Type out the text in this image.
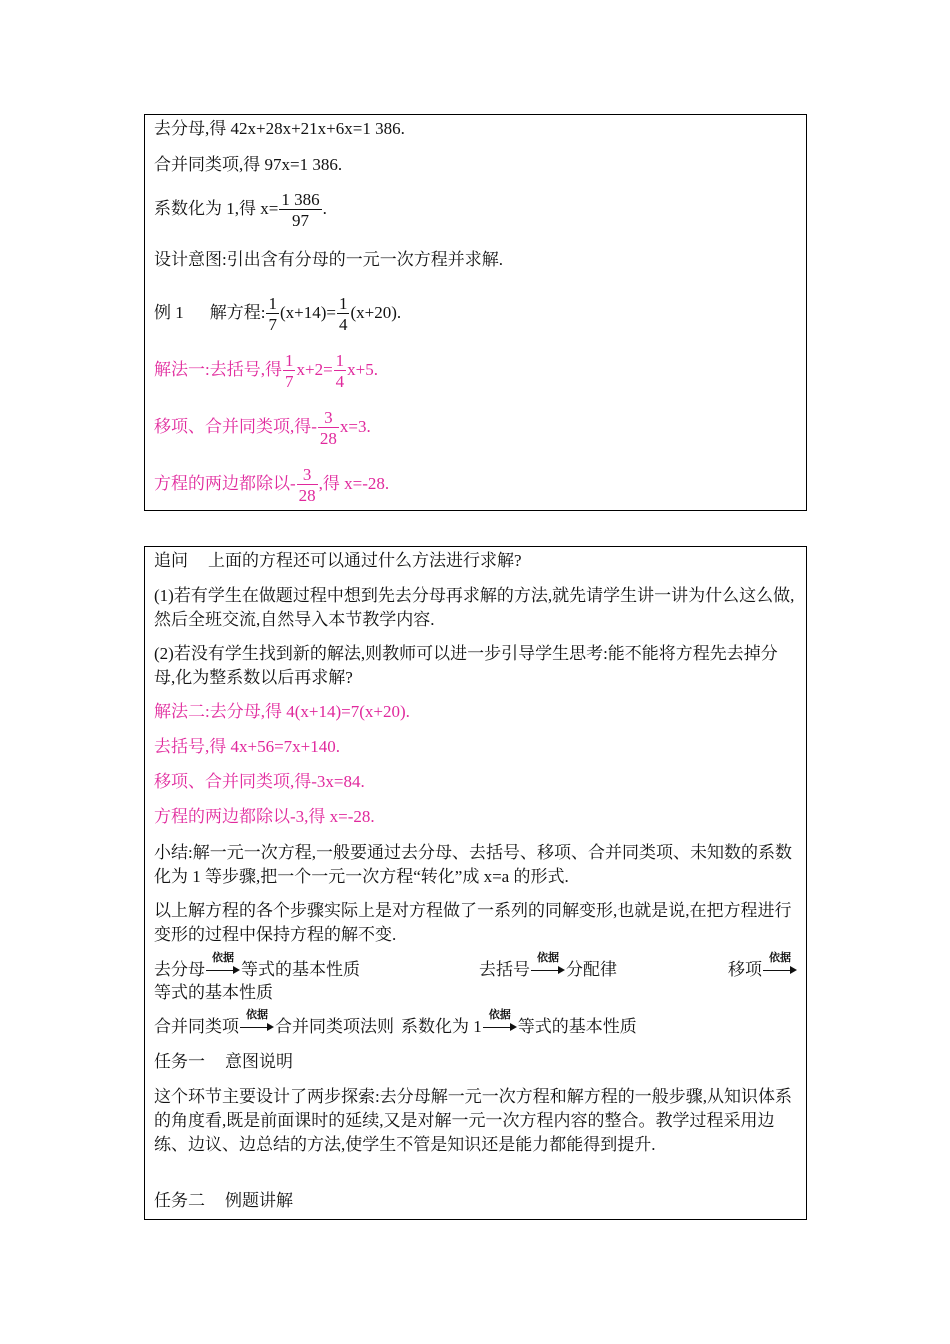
去分母,得 42x+28x+21x+6x=1 386.
合并同类项,得 97x=1 386.
系数化为 1,得 $x= \frac{1 386}{97}$ .
设计意图:引出含有分母的一元一次方程并求解.
例 1 解方程: $\frac{1}{7} (x+14)= \frac{1}{4} (x+20)$.
解法一:去括号,得 $\frac{1}{7} x+2= \frac{1}{4} x+5$.
移项、合并同类项,得- $\frac{3}{28} x=3$.
方程的两边都除以- $\frac{3}{28}$ ,得 x=-28.
追问 上面的方程还可以通过什么方法进行求解?
(1)若有学生在做题过程中想到先去分母再求解的方法,就先请学生讲一讲为什么这么做,然后全班交流,自然导入本节教学内容.
(2)若没有学生找到新的解法,则教师可以进一步引导学生思考:能不能将方程先去掉分母,化为整系数以后再求解?
解法二:去分母,得 4(x+14)=7(x+20).
去括号,得 4x+56=7x+140.
移项、合并同类项,得-3x=84.
方程的两边都除以-3,得 x=-28.
小结:解一元一次方程,一般要通过去分母、去括号、移项、合并同类项、未知数的系数化为 1 等步骤,把一个一元一次方程“转化”成 x=a 的形式.
以上解方程的各个步骤实际上是对方程做了一系列的同解变形,也就是说,在把方程进行变形的过程中保持方程的解不变.
去分母
依据
等式的基本性质	去括号
依据
分配律	移项
依据
等式的基本性质
合并同类项
依据
合并同类项法则 系数化为 1
依据
等式的基本性质
任务一 意图说明
这个环节主要设计了两步探索:去分母解一元一次方程和解方程的一般步骤,从知识体系的角度看,既是前面课时的延续,又是对解一元一次方程内容的整合。教学过程采用边练、边议、边总结的方法,使学生不管是知识还是能力都能得到提升.
任务二 例题讲解
